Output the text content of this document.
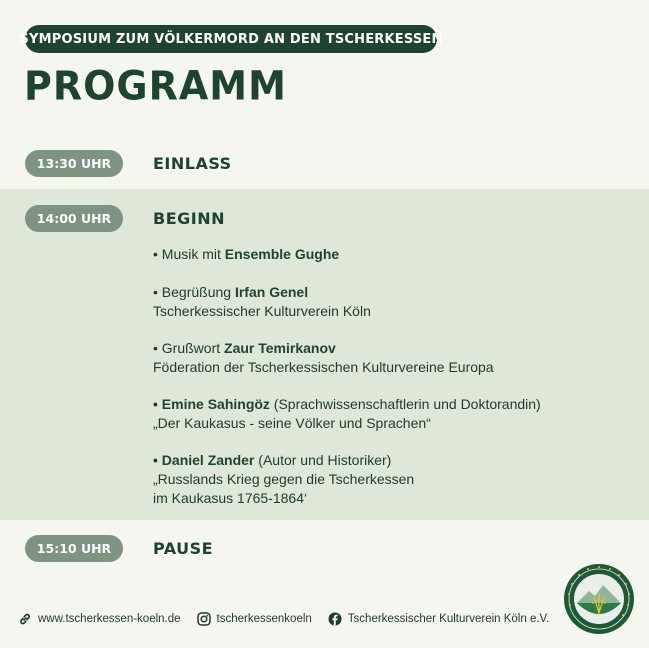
SYMPOSIUM ZUM VÖLKERMORD AN DEN TSCHERKESSEN
PROGRAMM
13:30 UHR	EINLASS
14:00 UHR	BEGINN
• Musik mit Ensemble Gughe
• Begrüßung Irfan Genel
Tscherkessischer Kulturverein Köln
• Grußwort Zaur Temirkanov
Föderation der Tscherkessischen Kulturvereine Europa
• Emine Sahingöz (Sprachwissenschaftlerin und Doktorandin)
„Der Kaukasus - seine Völker und Sprachen“
• Daniel Zander (Autor und Historiker)
„Russlands Krieg gegen die Tscherkessen
im Kaukasus 1765-1864‘
15:10 UHR	PAUSE
www.tscherkessen-koeln.de	tscherkessenkoeln	Tscherkessischer Kulturverein Köln e.V.
